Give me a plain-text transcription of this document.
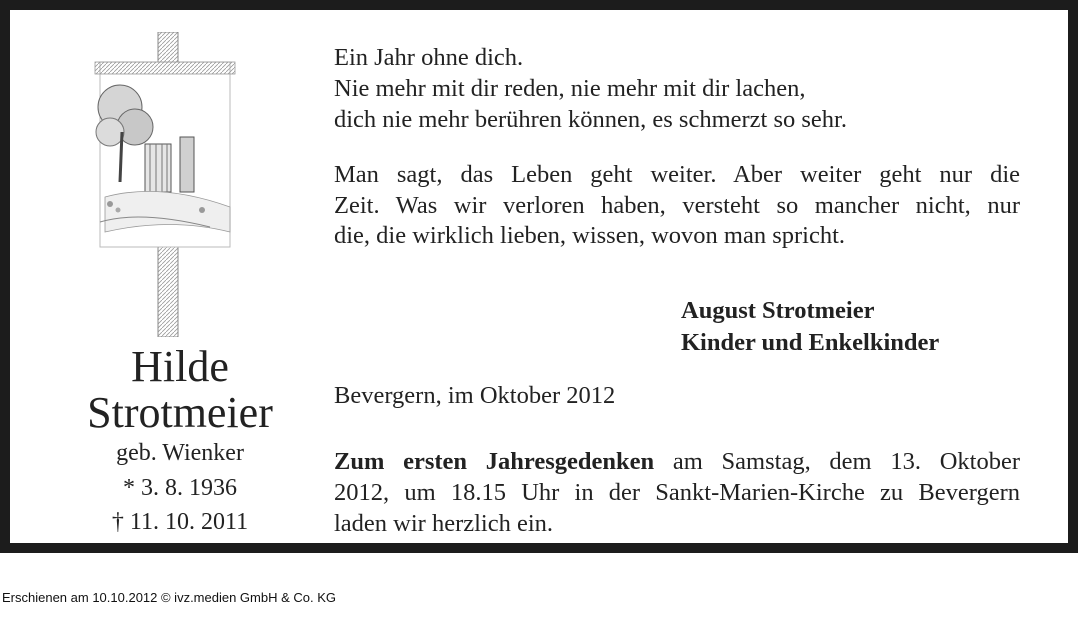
Hilde
Strotmeier
geb. Wienker
* 3. 8. 1936
† 11. 10. 2011
Ein Jahr ohne dich.
Nie mehr mit dir reden, nie mehr mit dir lachen,
dich nie mehr berühren können, es schmerzt so sehr.
Man sagt, das Leben geht weiter. Aber weiter geht nur die
Zeit. Was wir verloren haben, versteht so mancher nicht, nur
die, die wirklich lieben, wissen, wovon man spricht.
August Strotmeier
Kinder und Enkelkinder
Bevergern, im Oktober 2012
Zum ersten Jahresgedenken am Samstag, dem 13. Oktober
2012, um 18.15 Uhr in der Sankt-Marien-Kirche zu Bevergern
laden wir herzlich ein.
Erschienen am 10.10.2012 © ivz.medien GmbH & Co. KG
